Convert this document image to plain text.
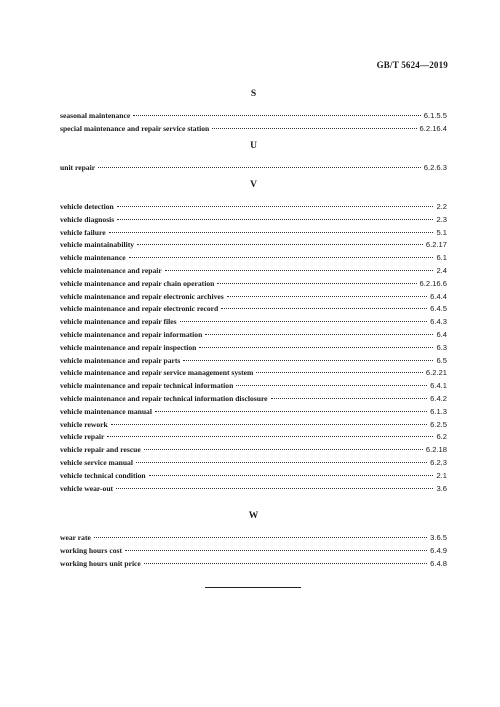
GB/T 5624—2019
S
seasonal maintenance	6.1.5.5
special maintenance and repair service station	6.2.16.4
U
unit repair	6.2.6.3
V
vehicle detection	2.2
vehicle diagnosis	2.3
vehicle failure	5.1
vehicle maintainability	6.2.17
vehicle maintenance	6.1
vehicle maintenance and repair	2.4
vehicle maintenance and repair chain operation	6.2.16.6
vehicle maintenance and repair electronic archives	6.4.4
vehicle maintenance and repair electronic record	6.4.5
vehicle maintenance and repair files	6.4.3
vehicle maintenance and repair information	6.4
vehicle maintenance and repair inspection	6.3
vehicle maintenance and repair parts	6.5
vehicle maintenance and repair service management system	6.2.21
vehicle maintenance and repair technical information	6.4.1
vehicle maintenance and repair technical information disclosure	6.4.2
vehicle maintenance manual	6.1.3
vehicle rework	6.2.5
vehicle repair	6.2
vehicle repair and rescue	6.2.18
vehicle service manual	6.2.3
vehicle technical condition	2.1
vehicle wear-out	3.6
W
wear rate	3.6.5
working hours cost	6.4.9
working hours unit price	6.4.8
